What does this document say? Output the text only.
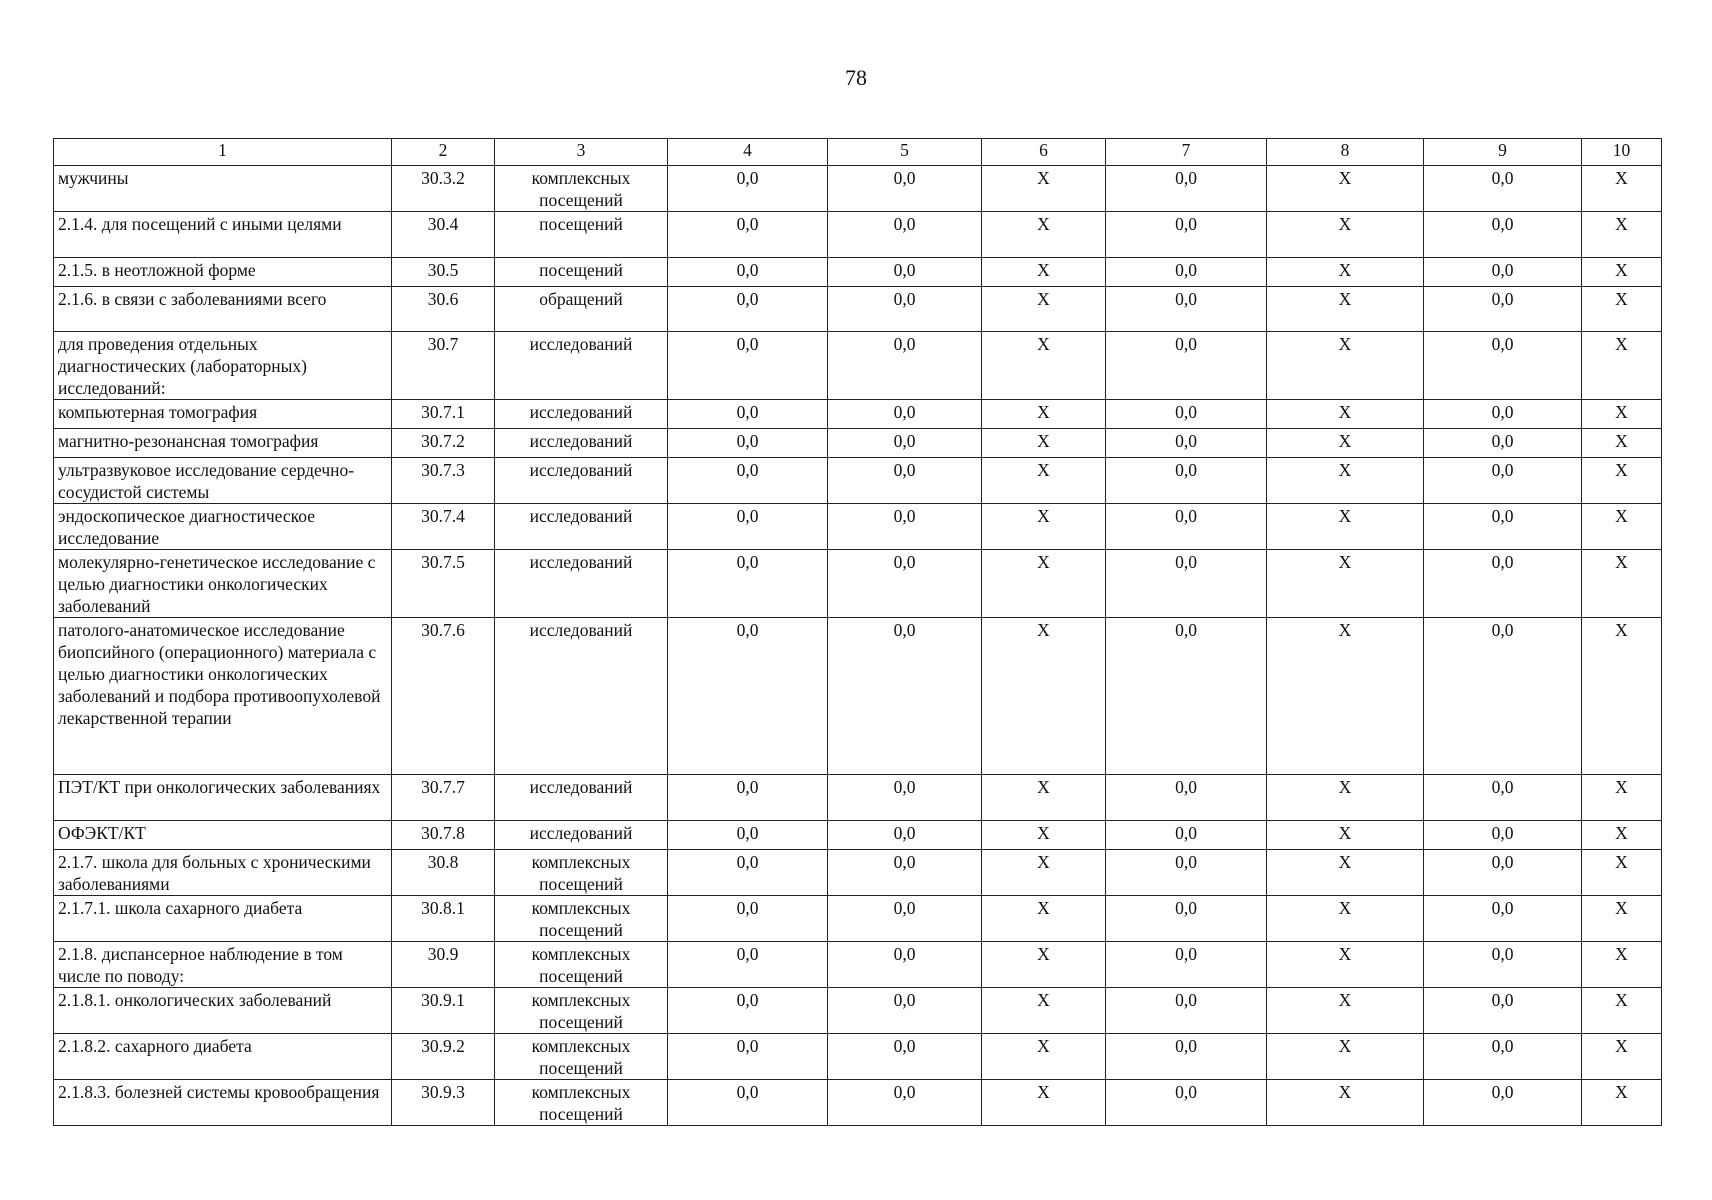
78
1	2	3	4	5	6	7	8	9	10
мужчины	30.3.2	комплексных посещений	0,0	0,0	X	0,0	X	0,0	X
2.1.4. для посещений с иными целями	30.4	посещений	0,0	0,0	X	0,0	X	0,0	X
2.1.5. в неотложной форме	30.5	посещений	0,0	0,0	X	0,0	X	0,0	X
2.1.6. в связи с заболеваниями всего	30.6	обращений	0,0	0,0	X	0,0	X	0,0	X
для проведения отдельных диагностических (лабораторных) исследований:	30.7	исследований	0,0	0,0	X	0,0	X	0,0	X
компьютерная томография	30.7.1	исследований	0,0	0,0	X	0,0	X	0,0	X
магнитно-резонансная томография	30.7.2	исследований	0,0	0,0	X	0,0	X	0,0	X
ультразвуковое исследование сердечно-сосудистой системы	30.7.3	исследований	0,0	0,0	X	0,0	X	0,0	X
эндоскопическое диагностическое исследование	30.7.4	исследований	0,0	0,0	X	0,0	X	0,0	X
молекулярно-генетическое исследование с целью диагностики онкологических заболеваний	30.7.5	исследований	0,0	0,0	X	0,0	X	0,0	X
патолого-анатомическое исследование биопсийного (операционного) материала с целью диагностики онкологических заболеваний и подбора противоопухолевой лекарственной терапии	30.7.6	исследований	0,0	0,0	X	0,0	X	0,0	X
ПЭТ/КТ при онкологических заболеваниях	30.7.7	исследований	0,0	0,0	X	0,0	X	0,0	X
ОФЭКТ/КТ	30.7.8	исследований	0,0	0,0	X	0,0	X	0,0	X
2.1.7. школа для больных с хроническими заболеваниями	30.8	комплексных посещений	0,0	0,0	X	0,0	X	0,0	X
2.1.7.1. школа сахарного диабета	30.8.1	комплексных посещений	0,0	0,0	X	0,0	X	0,0	X
2.1.8. диспансерное наблюдение в том числе по поводу:	30.9	комплексных посещений	0,0	0,0	X	0,0	X	0,0	X
2.1.8.1. онкологических заболеваний	30.9.1	комплексных посещений	0,0	0,0	X	0,0	X	0,0	X
2.1.8.2. сахарного диабета	30.9.2	комплексных посещений	0,0	0,0	X	0,0	X	0,0	X
2.1.8.3. болезней системы кровообращения	30.9.3	комплексных посещений	0,0	0,0	X	0,0	X	0,0	X
